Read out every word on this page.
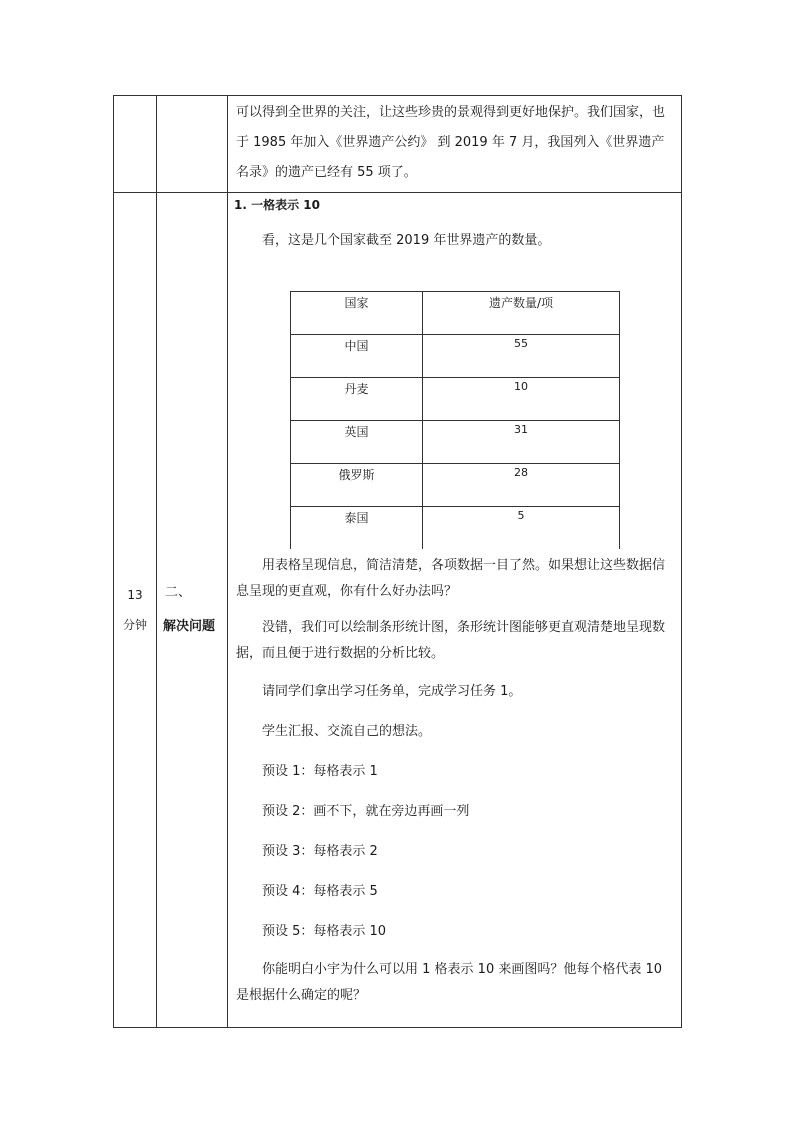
可以得到全世界的关注，让这些珍贵的景观得到更好地保护。我们国家，也于 1985 年加入《世界遗产公约》 到 2019 年 7 月，我国列入《世界遗产名录》的遗产已经有 55 项了。

13
分钟

二、
解决问题

1. 一格表示 10

看，这是几个国家截至 2019 年世界遗产的数量。

国家	遗产数量/项
中国	55
丹麦	10
英国	31
俄罗斯	28
泰国	5

用表格呈现信息，简洁清楚，各项数据一目了然。如果想让这些数据信息呈现的更直观，你有什么好办法吗？

没错，我们可以绘制条形统计图，条形统计图能够更直观清楚地呈现数据，而且便于进行数据的分析比较。

请同学们拿出学习任务单，完成学习任务 1。

学生汇报、交流自己的想法。

预设 1：每格表示 1

预设 2：画不下，就在旁边再画一列

预设 3：每格表示 2

预设 4：每格表示 5

预设 5：每格表示 10

你能明白小宇为什么可以用 1 格表示 10 来画图吗？他每个格代表 10 是根据什么确定的呢？
